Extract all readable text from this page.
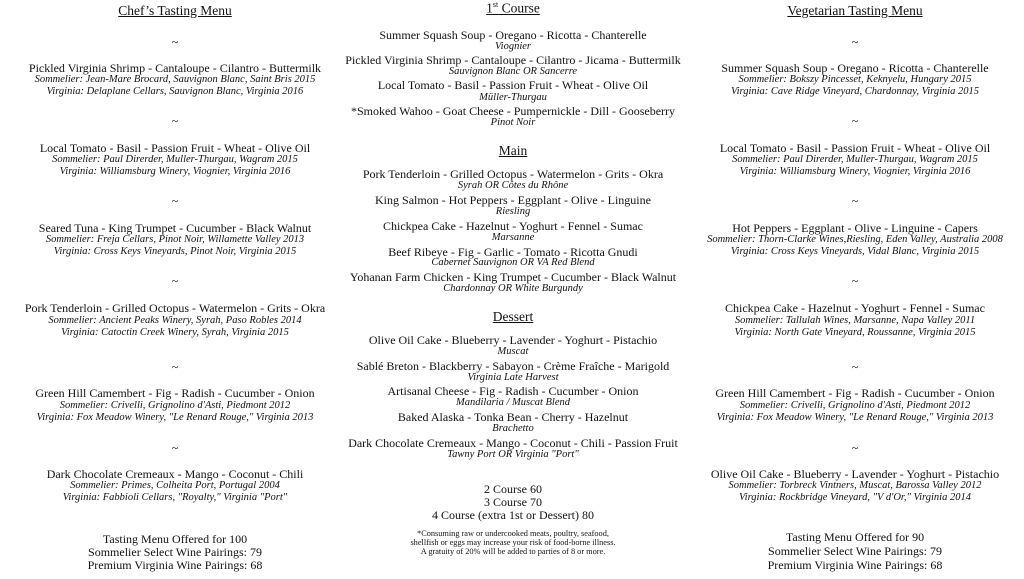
Chef’s Tasting Menu
~
Pickled Virginia Shrimp - Cantaloupe - Cilantro - Buttermilk
Sommelier: Jean-Mare Brocard, Sauvignon Blanc, Saint Bris 2015
Virginia: Delaplane Cellars, Sauvignon Blanc, Virginia 2016
~
Local Tomato - Basil - Passion Fruit - Wheat - Olive Oil
Sommelier: Paul Direrder, Muller-Thurgau, Wagram 2015
Virginia: Williamsburg Winery, Viognier, Virginia 2016
~
Seared Tuna - King Trumpet - Cucumber - Black Walnut
Sommelier: Freja Cellars, Pinot Noir, Willamette Valley 2013
Virginia: Cross Keys Vineyards, Pinot Noir, Virginia 2015
~
Pork Tenderloin - Grilled Octopus - Watermelon - Grits - Okra
Sommelier: Ancient Peaks Winery, Syrah, Paso Robles 2014
Virginia: Catoctin Creek Winery, Syrah, Virginia 2015
~
Green Hill Camembert - Fig - Radish - Cucumber - Onion
Sommelier: Crivelli, Grignolino d'Asti, Piedmont 2012
Virginia: Fox Meadow Winery, "Le Renard Rouge," Virginia 2013
~
Dark Chocolate Cremeaux - Mango - Coconut - Chili
Sommelier: Primes, Colheita Port, Portugal 2004
Virginia: Fabbioli Cellars, "Royalty," Virginia "Port"
Tasting Menu Offered for 100
Sommelier Select Wine Pairings: 79
Premium Virginia Wine Pairings: 68
1st Course
Summer Squash Soup - Oregano - Ricotta - Chanterelle
Viognier
Pickled Virginia Shrimp - Cantaloupe - Cilantro - Jicama - Buttermilk
Sauvignon Blanc OR Sancerre
Local Tomato - Basil - Passion Fruit - Wheat - Olive Oil
Müller-Thurgau
*Smoked Wahoo - Goat Cheese - Pumpernickle - Dill - Gooseberry
Pinot Noir
Main
Pork Tenderloin - Grilled Octopus - Watermelon - Grits - Okra
Syrah OR Côtes du Rhône
King Salmon - Hot Peppers - Eggplant - Olive - Linguine
Riesling
Chickpea Cake - Hazelnut - Yoghurt - Fennel - Sumac
Marsanne
Beef Ribeye - Fig - Garlic - Tomato - Ricotta Gnudi
Cabernet Sauvignon OR VA Red Blend
Yohanan Farm Chicken - King Trumpet - Cucumber - Black Walnut
Chardonnay OR White Burgundy
Dessert
Olive Oil Cake - Blueberry - Lavender - Yoghurt - Pistachio
Muscat
Sablé Breton - Blackberry - Sabayon - Crème Fraîche - Marigold
Virginia Late Harvest
Artisanal Cheese - Fig - Radish - Cucumber - Onion
Mandilaria / Muscat Blend
Baked Alaska - Tonka Bean - Cherry - Hazelnut
Brachetto
Dark Chocolate Cremeaux - Mango - Coconut - Chili - Passion Fruit
Tawny Port OR Virginia "Port"
2 Course 60
3 Course 70
4 Course (extra 1st or Dessert) 80
*Consuming raw or undercooked meats, poultry, seafood,
shellfish or eggs may increase your risk of food-borne illness.
A gratuity of 20% will be added to parties of 8 or more.
Vegetarian Tasting Menu
~
Summer Squash Soup - Oregano - Ricotta - Chanterelle
Sommelier: Bokszy Pincesset, Keknyelu, Hungary 2015
Virginia: Cave Ridge Vineyard, Chardonnay, Virginia 2015
~
Local Tomato - Basil - Passion Fruit - Wheat - Olive Oil
Sommelier: Paul Direrder, Muller-Thurgau, Wagram 2015
Virginia: Williamsburg Winery, Viognier, Virginia 2016
~
Hot Peppers - Eggplant - Olive - Linguine - Capers
Sommelier: Thorn-Clarke Wines,Riesling, Eden Valley, Australia 2008
Virginia: Cross Keys Vineyards, Vidal Blanc, Virginia 2015
~
Chickpea Cake - Hazelnut - Yoghurt - Fennel - Sumac
Sommelier: Tallulah Wines, Marsanne, Napa Valley 2011
Virginia: North Gate Vineyard, Roussanne, Virginia 2015
~
Green Hill Camembert - Fig - Radish - Cucumber - Onion
Sommelier: Crivelli, Grignolino d'Asti, Piedmont 2012
Virginia: Fox Meadow Winery, "Le Renard Rouge," Virginia 2013
~
Olive Oil Cake - Blueberry - Lavender - Yoghurt - Pistachio
Sommelier: Torbreck Vintners, Muscat, Barossa Valley 2012
Virginia: Rockbridge Vineyard, "V d'Or," Virginia 2014
Tasting Menu Offered for 90
Sommelier Select Wine Pairings: 79
Premium Virginia Wine Pairings: 68
